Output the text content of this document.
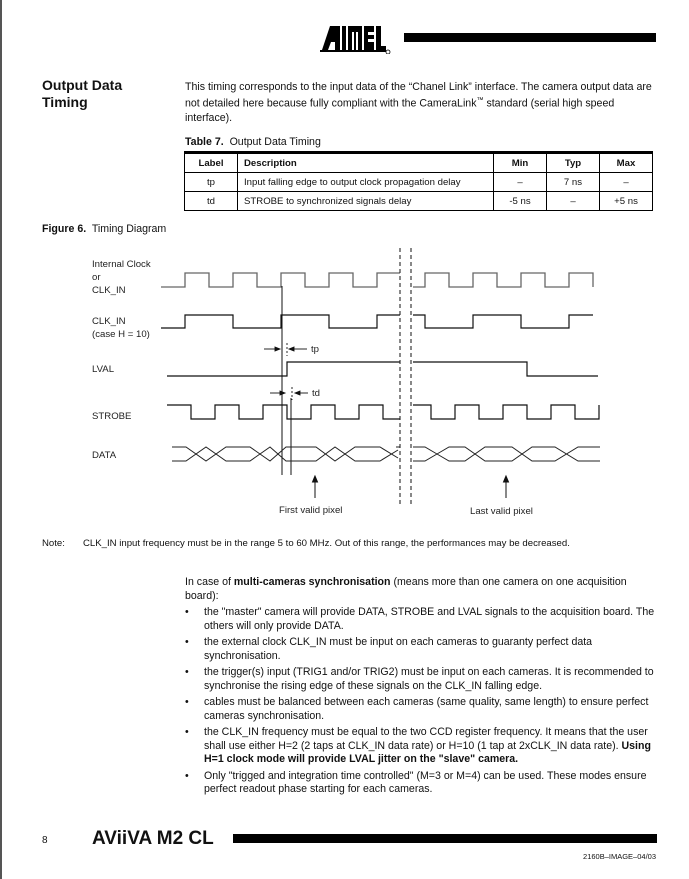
Output Data
Timing
This timing corresponds to the input data of the “Chanel Link” interface. The camera output data are not detailed here because fully compliant with the CameraLink™ standard (serial high speed interface).
Table 7. Output Data Timing
Label	Description	Min	Typ	Max
tp	Input falling edge to output clock propagation delay	–	7 ns	–
td	STROBE to synchronized signals delay	-5 ns	–	+5 ns
Figure 6. Timing Diagram
Internal Clock
or
CLK_IN
CLK_IN
(case H = 10)
LVAL
STROBE
DATA
tp
td
First valid pixel	Last valid pixel
Note: CLK_IN input frequency must be in the range 5 to 60 MHz. Out of this range, the performances may be decreased.
In case of multi-cameras synchronisation (means more than one camera on one acquisition board):
• the "master" camera will provide DATA, STROBE and LVAL signals to the acquisition board. The others will only provide DATA.
• the external clock CLK_IN must be input on each cameras to guaranty perfect data synchronisation.
• the trigger(s) input (TRIG1 and/or TRIG2) must be input on each cameras. It is recommended to synchronise the rising edge of these signals on the CLK_IN falling edge.
• cables must be balanced between each cameras (same quality, same length) to ensure perfect cameras synchronisation.
• the CLK_IN frequency must be equal to the two CCD register frequency. It means that the user shall use either H=2 (2 taps at CLK_IN data rate) or H=10 (1 tap at 2xCLK_IN data rate). Using H=1 clock mode will provide LVAL jitter on the "slave" camera.
• Only "trigged and integration time controlled" (M=3 or M=4) can be used. These modes ensure perfect readout phase starting for each cameras.
8 AViiVA M2 CL
2160B–IMAGE–04/03
